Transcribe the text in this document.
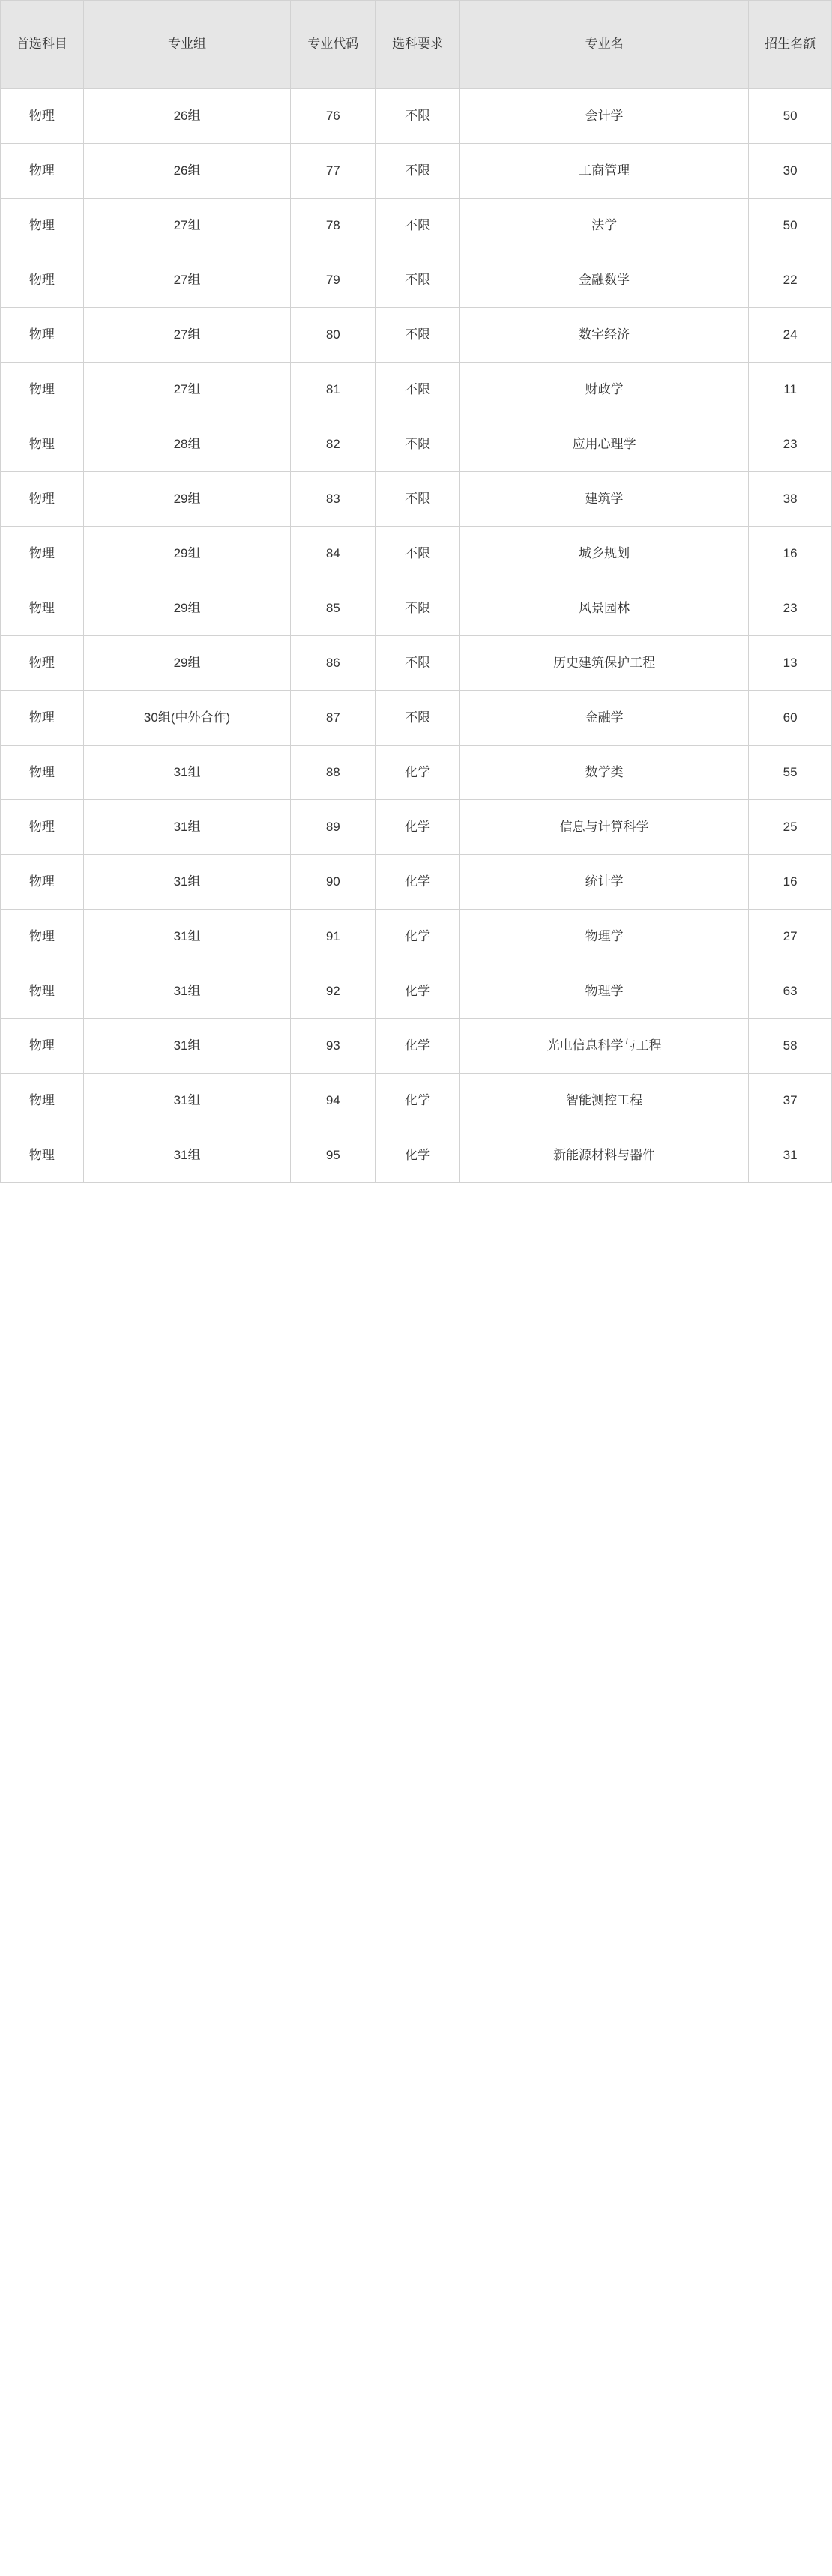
首选科目	专业组	专业代码	选科要求	专业名	招生名额
物理	26组	76	不限	会计学	50
物理	26组	77	不限	工商管理	30
物理	27组	78	不限	法学	50
物理	27组	79	不限	金融数学	22
物理	27组	80	不限	数字经济	24
物理	27组	81	不限	财政学	11
物理	28组	82	不限	应用心理学	23
物理	29组	83	不限	建筑学	38
物理	29组	84	不限	城乡规划	16
物理	29组	85	不限	风景园林	23
物理	29组	86	不限	历史建筑保护工程	13
物理	30组(中外合作)	87	不限	金融学	60
物理	31组	88	化学	数学类	55
物理	31组	89	化学	信息与计算科学	25
物理	31组	90	化学	统计学	16
物理	31组	91	化学	物理学	27
物理	31组	92	化学	物理学	63
物理	31组	93	化学	光电信息科学与工程	58
物理	31组	94	化学	智能测控工程	37
物理	31组	95	化学	新能源材料与器件	31
